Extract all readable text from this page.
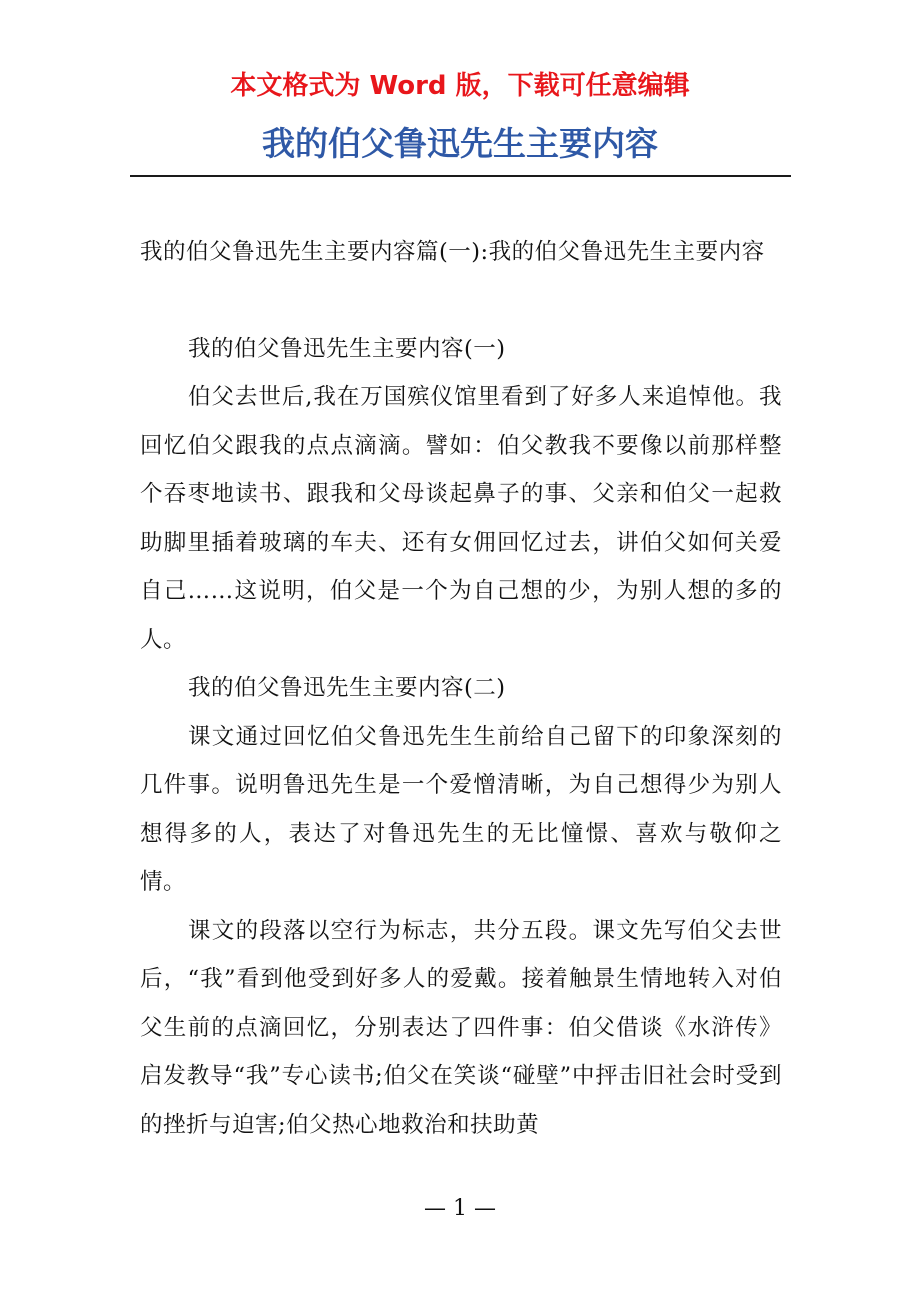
本文格式为 Word 版，下载可任意编辑
我的伯父鲁迅先生主要内容

我的伯父鲁迅先生主要内容篇(一):我的伯父鲁迅先生主要内容

我的伯父鲁迅先生主要内容(一)

伯父去世后,我在万国殡仪馆里看到了好多人来追悼他。我回忆伯父跟我的点点滴滴。譬如：伯父教我不要像以前那样整个吞枣地读书、跟我和父母谈起鼻子的事、父亲和伯父一起救助脚里插着玻璃的车夫、还有女佣回忆过去，讲伯父如何关爱自己……这说明，伯父是一个为自己想的少，为别人想的多的人。

我的伯父鲁迅先生主要内容(二)

课文通过回忆伯父鲁迅先生生前给自己留下的印象深刻的几件事。说明鲁迅先生是一个爱憎清晰，为自己想得少为别人想得多的人，表达了对鲁迅先生的无比憧憬、喜欢与敬仰之情。

课文的段落以空行为标志，共分五段。课文先写伯父去世后，“我”看到他受到好多人的爱戴。接着触景生情地转入对伯父生前的点滴回忆，分别表达了四件事：伯父借谈《水浒传》启发教导“我”专心读书;伯父在笑谈“碰壁”中抨击旧社会时受到的挫折与迫害;伯父热心地救治和扶助黄

— 1 —
